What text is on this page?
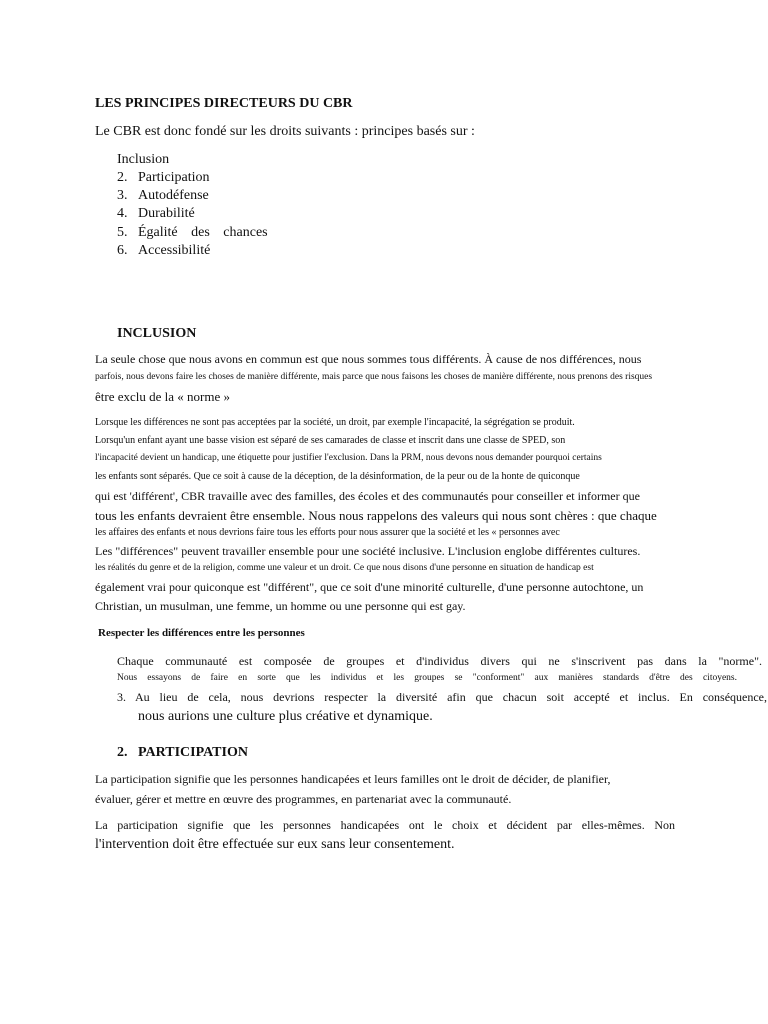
LES PRINCIPES DIRECTEURS DU CBR

Le CBR est donc fondé sur les droits suivants : principes basés sur :

Inclusion

2. Participation

3. Autodéfense

4. Durabilité

5. Égalité des chances

6. Accessibilité

INCLUSION

La seule chose que nous avons en commun est que nous sommes tous différents. À cause de nos différences, nous

parfois, nous devons faire les choses de manière différente, mais parce que nous faisons les choses de manière différente, nous prenons des risques

être exclu de la « norme »

Lorsque les différences ne sont pas acceptées par la société, un droit, par exemple l'incapacité, la ségrégation se produit.

Lorsqu'un enfant ayant une basse vision est séparé de ses camarades de classe et inscrit dans une classe de SPED, son

l'incapacité devient un handicap, une étiquette pour justifier l'exclusion. Dans la PRM, nous devons nous demander pourquoi certains

les enfants sont séparés. Que ce soit à cause de la déception, de la désinformation, de la peur ou de la honte de quiconque

qui est 'différent', CBR travaille avec des familles, des écoles et des communautés pour conseiller et informer que

tous les enfants devraient être ensemble. Nous nous rappelons des valeurs qui nous sont chères : que chaque

les affaires des enfants et nous devrions faire tous les efforts pour nous assurer que la société et les « personnes avec

Les "différences" peuvent travailler ensemble pour une société inclusive. L'inclusion englobe différentes cultures.

les réalités du genre et de la religion, comme une valeur et un droit. Ce que nous disons d'une personne en situation de handicap est

également vrai pour quiconque est "différent", que ce soit d'une minorité culturelle, d'une personne autochtone, un

Christian, un musulman, une femme, un homme ou une personne qui est gay.

Respecter les différences entre les personnes

Chaque communauté est composée de groupes et d'individus divers qui ne s'inscrivent pas dans la "norme".

Nous essayons de faire en sorte que les individus et les groupes se "conforment" aux manières standards d'être des citoyens.

3. Au lieu de cela, nous devrions respecter la diversité afin que chacun soit accepté et inclus. En conséquence,

nous aurions une culture plus créative et dynamique.

2. PARTICIPATION

La participation signifie que les personnes handicapées et leurs familles ont le droit de décider, de planifier,

évaluer, gérer et mettre en œuvre des programmes, en partenariat avec la communauté.

La participation signifie que les personnes handicapées ont le choix et décident par elles-mêmes. Non

l'intervention doit être effectuée sur eux sans leur consentement.
